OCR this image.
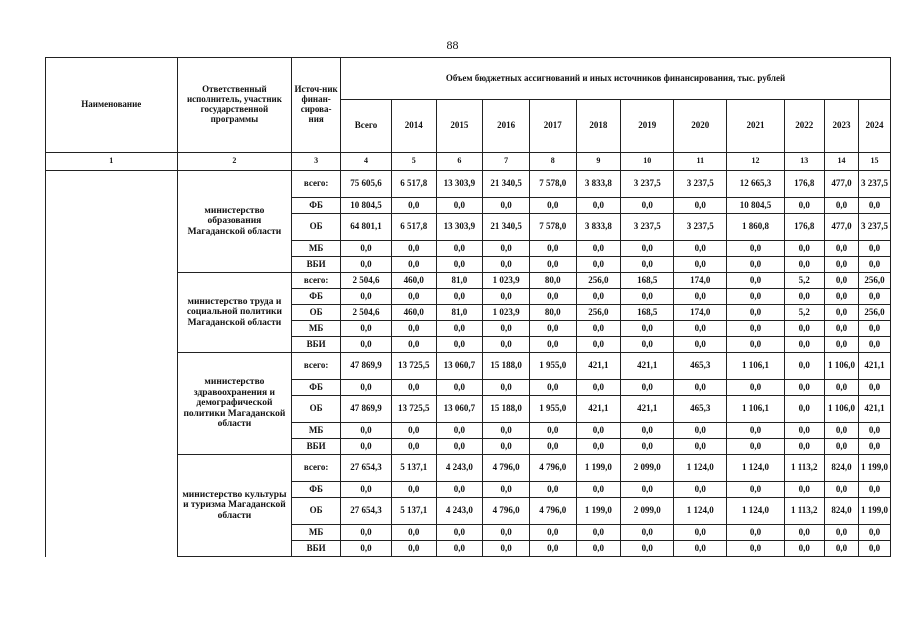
88
Наименование	Ответственный исполнитель, участник государственной программы	Источ-ник финан-сирова-ния	Объем бюджетных ассигнований и иных источников финансирования, тыс. рублей											
			Всего	2014	2015	2016	2017	2018	2019	2020	2021	2022	2023	2024
1	2	3	4	5	6	7	8	9	10	11	12	13	14	15
	министерство образования Магаданской области	всего:	75 605,6	6 517,8	13 303,9	21 340,5	7 578,0	3 833,8	3 237,5	3 237,5	12 665,3	176,8	477,0	3 237,5
		ФБ	10 804,5	0,0	0,0	0,0	0,0	0,0	0,0	0,0	10 804,5	0,0	0,0	0,0
		ОБ	64 801,1	6 517,8	13 303,9	21 340,5	7 578,0	3 833,8	3 237,5	3 237,5	1 860,8	176,8	477,0	3 237,5
		МБ	0,0	0,0	0,0	0,0	0,0	0,0	0,0	0,0	0,0	0,0	0,0	0,0
		ВБИ	0,0	0,0	0,0	0,0	0,0	0,0	0,0	0,0	0,0	0,0	0,0	0,0
	министерство труда и социальной политики Магаданской области	всего:	2 504,6	460,0	81,0	1 023,9	80,0	256,0	168,5	174,0	0,0	5,2	0,0	256,0
		ФБ	0,0	0,0	0,0	0,0	0,0	0,0	0,0	0,0	0,0	0,0	0,0	0,0
		ОБ	2 504,6	460,0	81,0	1 023,9	80,0	256,0	168,5	174,0	0,0	5,2	0,0	256,0
		МБ	0,0	0,0	0,0	0,0	0,0	0,0	0,0	0,0	0,0	0,0	0,0	0,0
		ВБИ	0,0	0,0	0,0	0,0	0,0	0,0	0,0	0,0	0,0	0,0	0,0	0,0
	министерство здравоохранения и демографической политики Магаданской области	всего:	47 869,9	13 725,5	13 060,7	15 188,0	1 955,0	421,1	421,1	465,3	1 106,1	0,0	1 106,0	421,1
		ФБ	0,0	0,0	0,0	0,0	0,0	0,0	0,0	0,0	0,0	0,0	0,0	0,0
		ОБ	47 869,9	13 725,5	13 060,7	15 188,0	1 955,0	421,1	421,1	465,3	1 106,1	0,0	1 106,0	421,1
		МБ	0,0	0,0	0,0	0,0	0,0	0,0	0,0	0,0	0,0	0,0	0,0	0,0
		ВБИ	0,0	0,0	0,0	0,0	0,0	0,0	0,0	0,0	0,0	0,0	0,0	0,0
	министерство культуры и туризма Магаданской области	всего:	27 654,3	5 137,1	4 243,0	4 796,0	4 796,0	1 199,0	2 099,0	1 124,0	1 124,0	1 113,2	824,0	1 199,0
		ФБ	0,0	0,0	0,0	0,0	0,0	0,0	0,0	0,0	0,0	0,0	0,0	0,0
		ОБ	27 654,3	5 137,1	4 243,0	4 796,0	4 796,0	1 199,0	2 099,0	1 124,0	1 124,0	1 113,2	824,0	1 199,0
		МБ	0,0	0,0	0,0	0,0	0,0	0,0	0,0	0,0	0,0	0,0	0,0	0,0
		ВБИ	0,0	0,0	0,0	0,0	0,0	0,0	0,0	0,0	0,0	0,0	0,0	0,0
